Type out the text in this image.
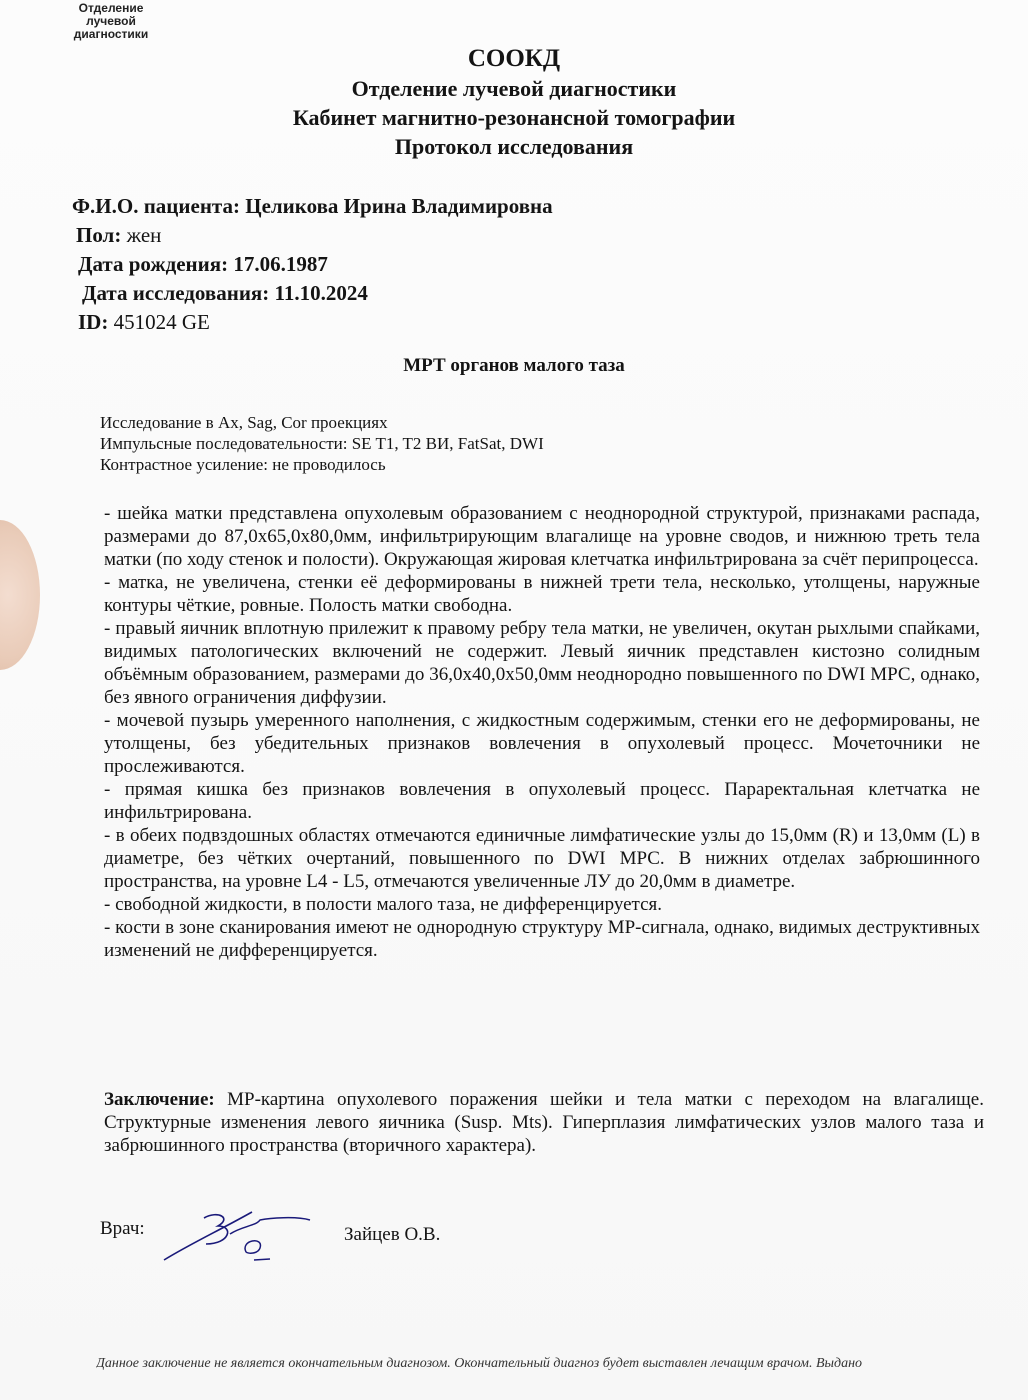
Отделение
лучевой
диагностики
СООКД
Отделение лучевой диагностики
Кабинет магнитно-резонансной томографии
Протокол исследования
Ф.И.О. пациента: Целикова Ирина Владимировна
Пол: жен
Дата рождения: 17.06.1987
Дата исследования: 11.10.2024
ID: 451024 GE
МРТ органов малого таза
Исследование в Ax, Sag, Cor проекциях
Импульсные последовательности: SE T1, T2 ВИ, FatSat, DWI
Контрастное усиление: не проводилось

- шейка матки представлена опухолевым образованием с неоднородной структурой, признаками распада, размерами до 87,0х65,0х80,0мм, инфильтрирующим влагалище на уровне сводов, и нижнюю треть тела матки (по ходу стенок и полости). Окружающая жировая клетчатка инфильтрирована за счёт перипроцесса.

- матка, не увеличена, стенки её деформированы в нижней трети тела, несколько, утолщены, наружные контуры чёткие, ровные. Полость матки свободна.

- правый яичник вплотную прилежит к правому ребру тела матки, не увеличен, окутан рыхлыми спайками, видимых патологических включений не содержит. Левый яичник представлен кистозно солидным объёмным образованием, размерами до 36,0х40,0х50,0мм неоднородно повышенного по DWI МРС, однако, без явного ограничения диффузии.

- мочевой пузырь умеренного наполнения, с жидкостным содержимым, стенки его не деформированы, не утолщены, без убедительных признаков вовлечения в опухолевый процесс. Мочеточники не прослеживаются.

- прямая кишка без признаков вовлечения в опухолевый процесс. Параректальная клетчатка не инфильтрирована.

- в обеих подвздошных областях отмечаются единичные лимфатические узлы до 15,0мм (R) и 13,0мм (L) в диаметре, без чётких очертаний, повышенного по DWI МРС. В нижних отделах забрюшинного пространства, на уровне L4 - L5, отмечаются увеличенные ЛУ до 20,0мм в диаметре.

- свободной жидкости, в полости малого таза, не дифференцируется.

- кости в зоне сканирования имеют не однородную структуру МР-сигнала, однако, видимых деструктивных изменений не дифференцируется.

Заключение: МР-картина опухолевого поражения шейки и тела матки с переходом на влагалище. Структурные изменения левого яичника (Susp. Mts). Гиперплазия лимфатических узлов малого таза и забрюшинного пространства (вторичного характера).
Врач:	Зайцев О.В.
Данное заключение не является окончательным диагнозом. Окончательный диагноз будет выставлен лечащим врачом. Выдано
